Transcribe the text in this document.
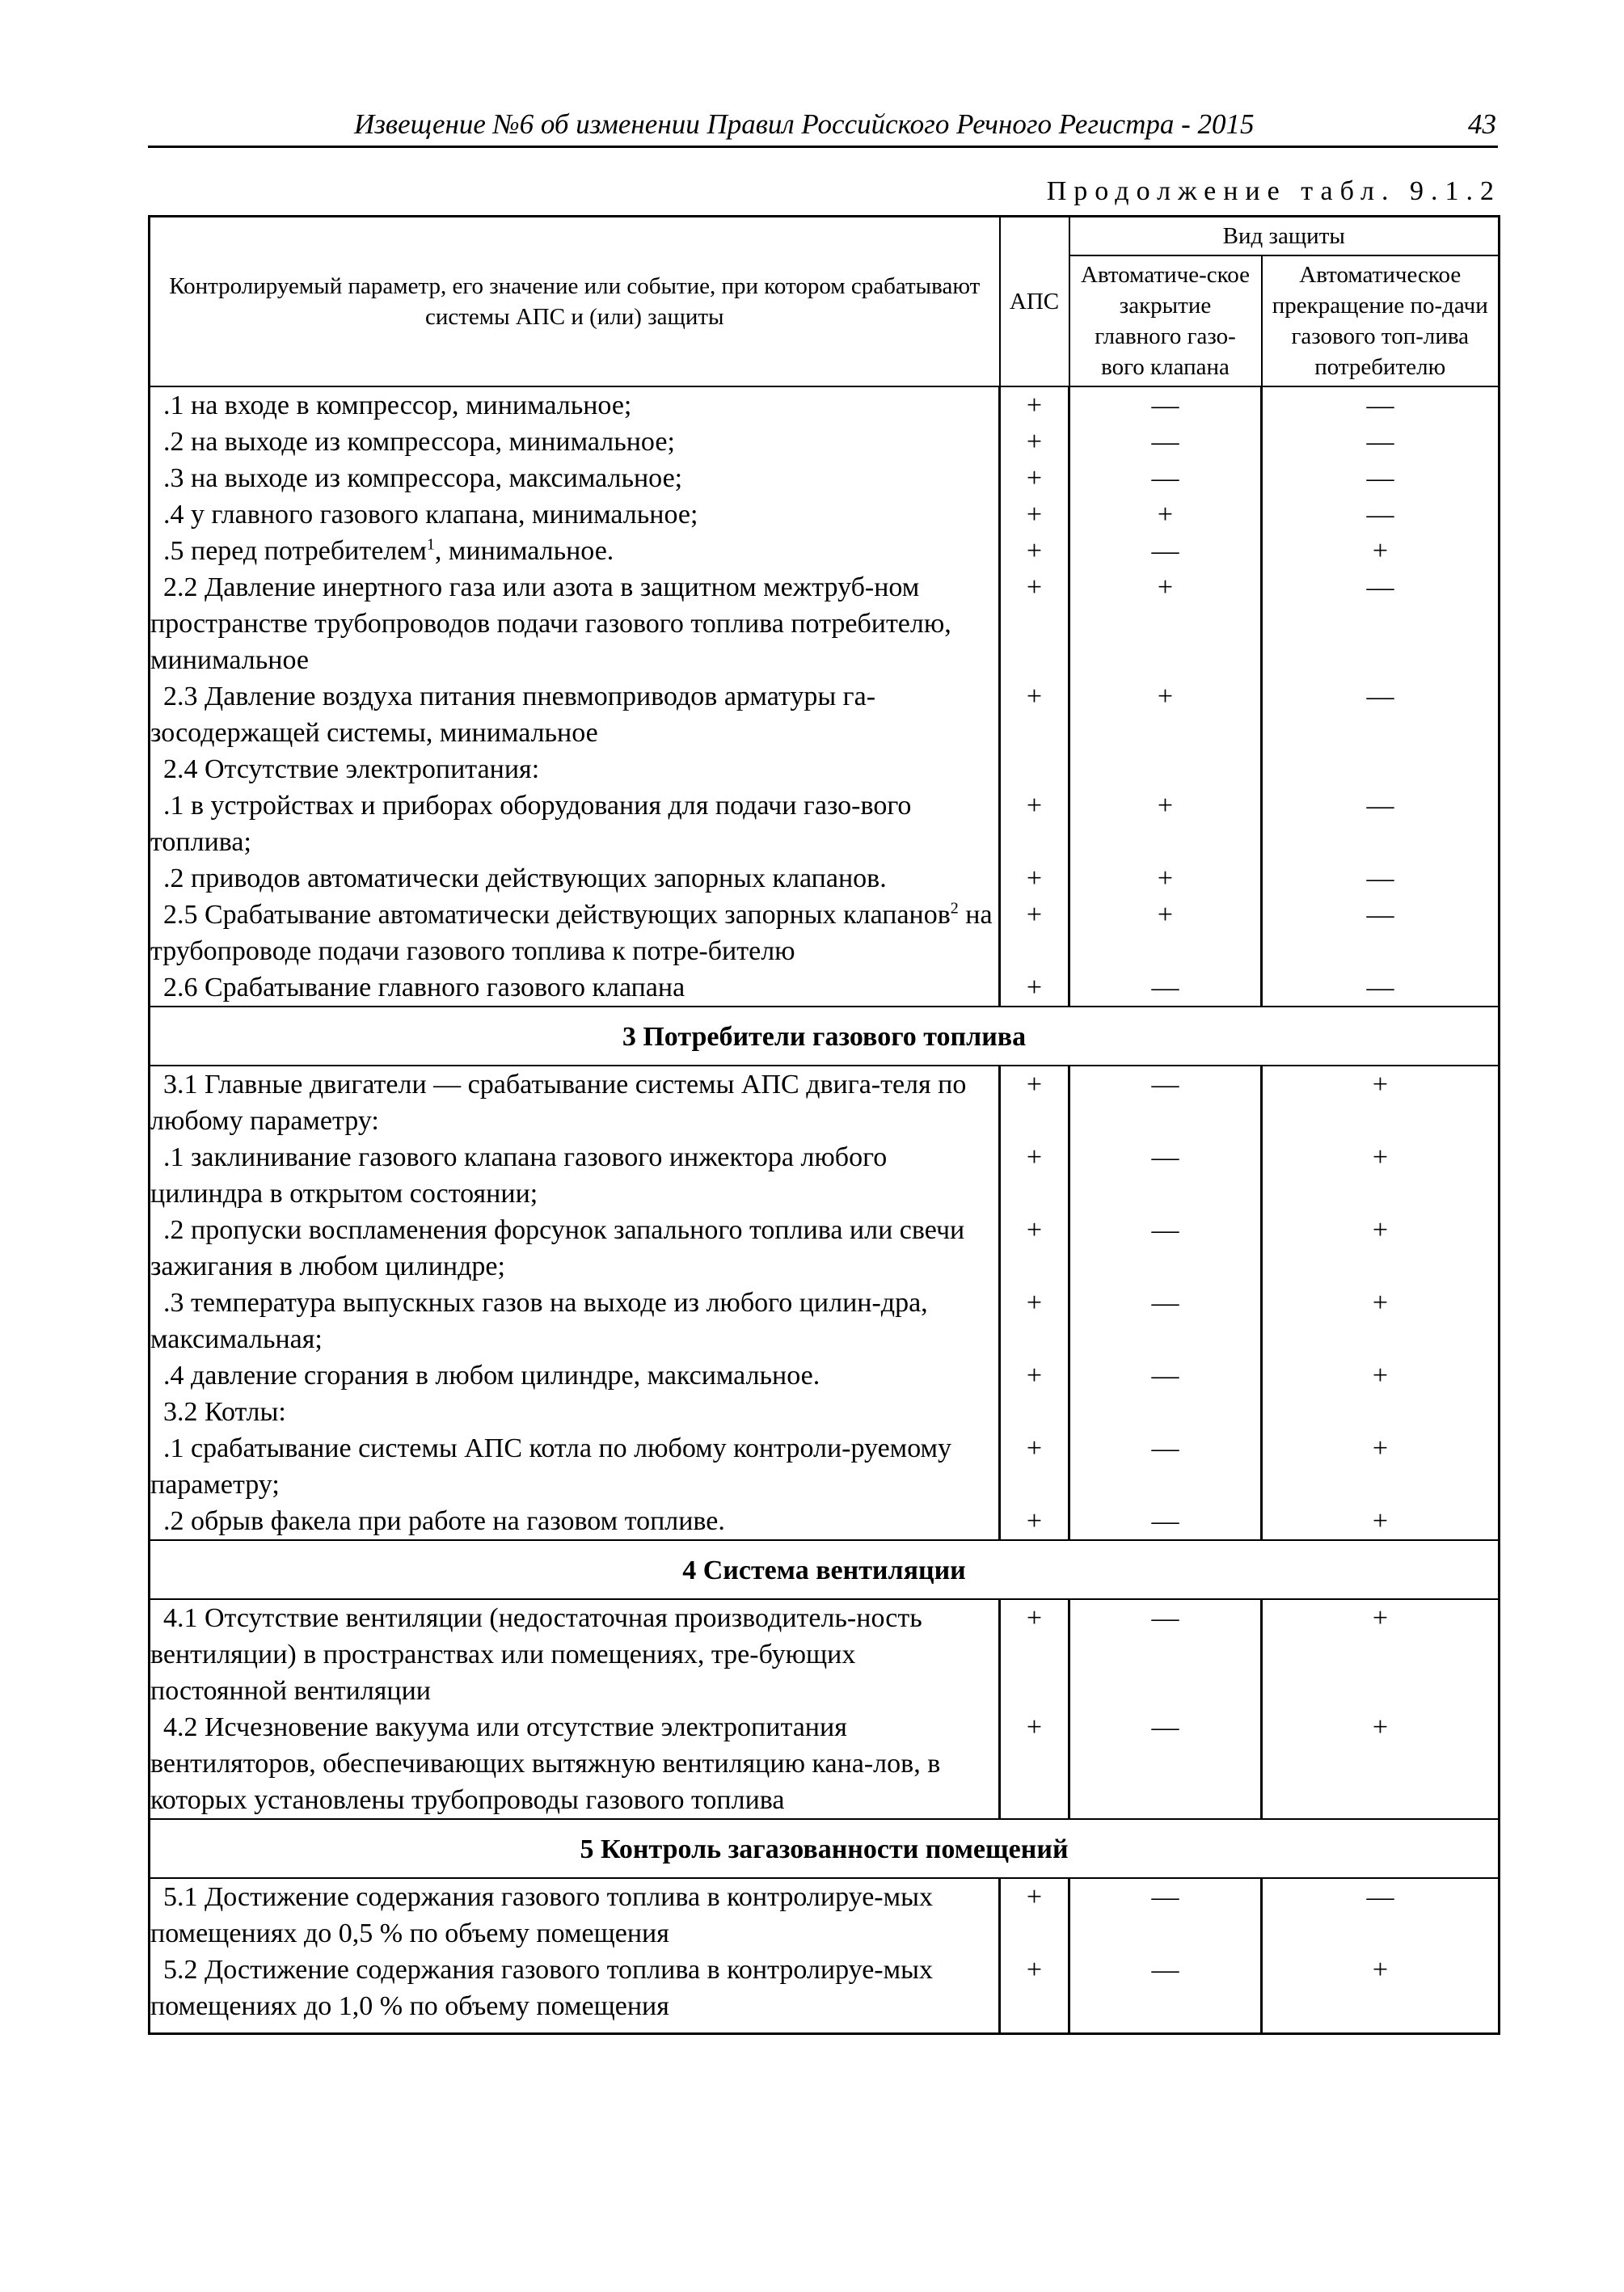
Извещение №6 об изменении Правил Российского Речного Регистра - 2015	43
Продолжение табл. 9.1.2
Контролируемый параметр, его значение или событие, при котором срабатывают системы АПС и (или) защиты	АПС	Вид защиты	
		Автоматиче-ское закрытие главного газо-вого клапана	Автоматическое прекращение по-дачи газового топ-лива потребителю
.1 на входе в компрессор, минимальное;	+	—	—
.2 на выходе из компрессора, минимальное;	+	—	—
.3 на выходе из компрессора, максимальное;	+	—	—
.4 у главного газового клапана, минимальное;	+	+	—
.5 перед потребителем$^1$, минимальное.	+	—	+
2.2 Давление инертного газа или азота в защитном межтруб-ном пространстве трубопроводов подачи газового топлива потребителю, минимальное	+	+	—
2.3 Давление воздуха питания пневмоприводов арматуры га-зосодержащей системы, минимальное	+	+	—
2.4 Отсутствие электропитания:			
.1 в устройствах и приборах оборудования для подачи газо-вого топлива;	+	+	—
.2 приводов автоматически действующих запорных клапанов.	+	+	—
2.5 Срабатывание автоматически действующих запорных клапанов$^2$ на трубопроводе подачи газового топлива к потре-бителю	+	+	—
2.6 Срабатывание главного газового клапана	+	—	—
3 Потребители газового топлива			
3.1 Главные двигатели — срабатывание системы АПС двига-теля по любому параметру:	+	—	+
.1 заклинивание газового клапана газового инжектора любого цилиндра в открытом состоянии;	+	—	+
.2 пропуски воспламенения форсунок запального топлива или свечи зажигания в любом цилиндре;	+	—	+
.3 температура выпускных газов на выходе из любого цилин-дра, максимальная;	+	—	+
.4 давление сгорания в любом цилиндре, максимальное.	+	—	+
3.2 Котлы:			
.1 срабатывание системы АПС котла по любому контроли-руемому параметру;	+	—	+
.2 обрыв факела при работе на газовом топливе.	+	—	+
4 Система вентиляции			
4.1 Отсутствие вентиляции (недостаточная производитель-ность вентиляции) в пространствах или помещениях, тре-бующих постоянной вентиляции	+	—	+
4.2 Исчезновение вакуума или отсутствие электропитания вентиляторов, обеспечивающих вытяжную вентиляцию кана-лов, в которых установлены трубопроводы газового топлива	+	—	+
5 Контроль загазованности помещений			
5.1 Достижение содержания газового топлива в контролируе-мых помещениях до 0,5 % по объему помещения	+	—	—
5.2 Достижение содержания газового топлива в контролируе-мых помещениях до 1,0 % по объему помещения	+	—	+
